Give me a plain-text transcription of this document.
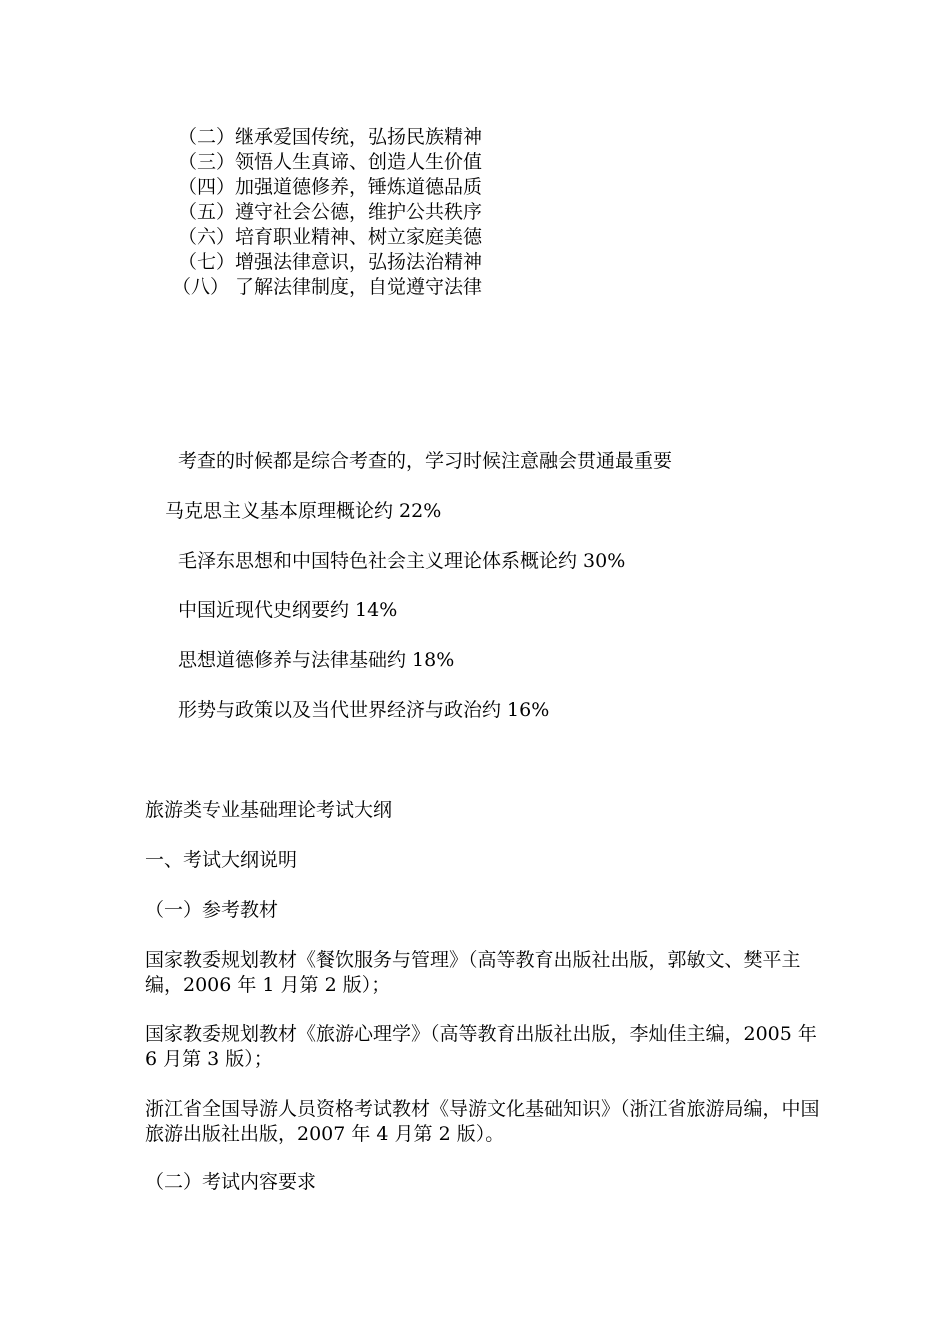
（二）继承爱国传统，弘扬民族精神
（三）领悟人生真谛、创造人生价值
（四）加强道德修养，锤炼道德品质
（五）遵守社会公德，维护公共秩序
（六）培育职业精神、树立家庭美德
（七）增强法律意识，弘扬法治精神
（八） 了解法律制度，自觉遵守法律
考查的时候都是综合考查的，学习时候注意融会贯通最重要
马克思主义基本原理概论约 22%
毛泽东思想和中国特色社会主义理论体系概论约 30%
中国近现代史纲要约 14%
思想道德修养与法律基础约 18%
形势与政策以及当代世界经济与政治约 16%
旅游类专业基础理论考试大纲
一、考试大纲说明
（一）参考教材
国家教委规划教材《餐饮服务与管理》（高等教育出版社出版，郭敏文、樊平主编，2006 年 1 月第 2 版）；
国家教委规划教材《旅游心理学》（高等教育出版社出版，李灿佳主编，2005 年 6 月第 3 版）；
浙江省全国导游人员资格考试教材《导游文化基础知识》（浙江省旅游局编，中国旅游出版社出版，2007 年 4 月第 2 版）。
（二）考试内容要求
